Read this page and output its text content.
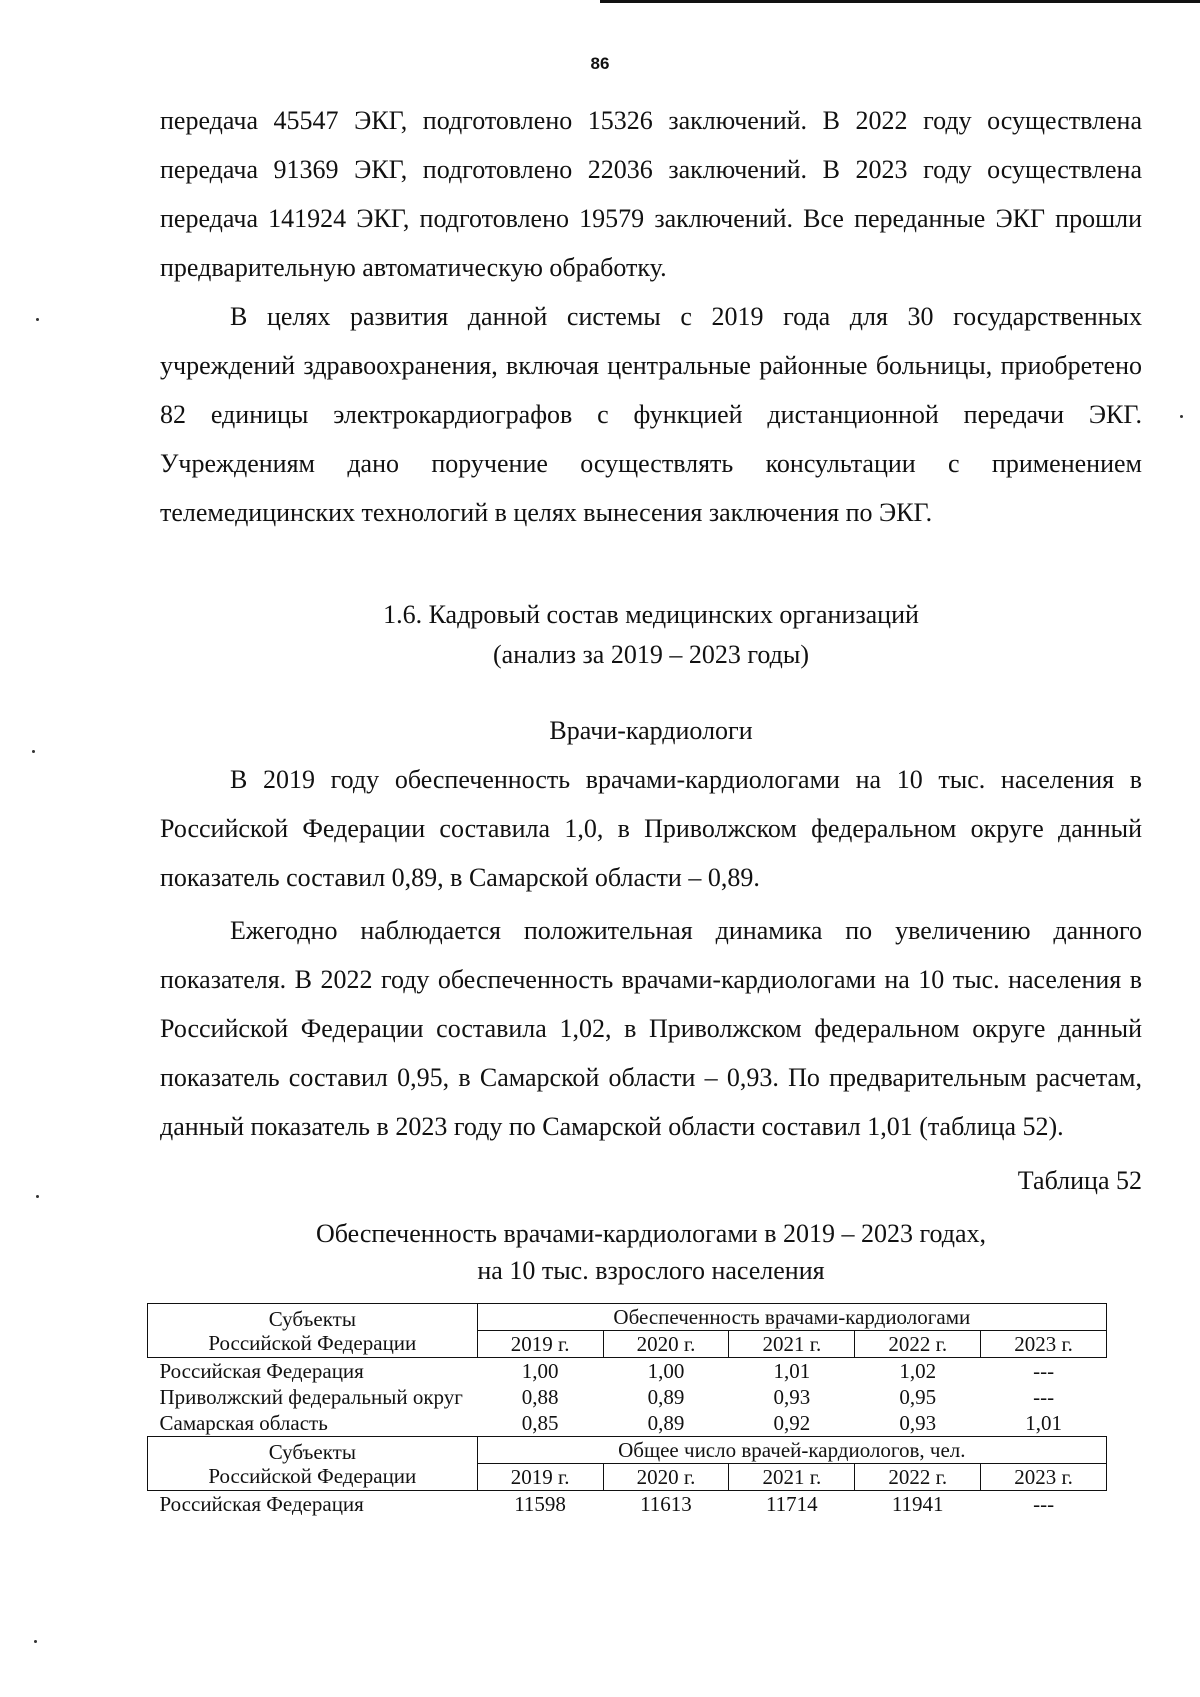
86

передача 45547 ЭКГ, подготовлено 15326 заключений. В 2022 году осуществлена передача 91369 ЭКГ, подготовлено 22036 заключений. В 2023 году осуществлена передача 141924 ЭКГ, подготовлено 19579 заключений. Все переданные ЭКГ прошли предварительную автоматическую обработку.

В целях развития данной системы с 2019 года для 30 государственных учреждений здравоохранения, включая центральные районные больницы, приобретено 82 единицы электрокардиографов с функцией дистанционной передачи ЭКГ. Учреждениям дано поручение осуществлять консультации с применением телемедицинских технологий в целях вынесения заключения по ЭКГ.

1.6. Кадровый состав медицинских организаций
(анализ за 2019 – 2023 годы)
Врачи-кардиологи

В 2019 году обеспеченность врачами-кардиологами на 10 тыс. населения в Российской Федерации составила 1,0, в Приволжском федеральном округе данный показатель составил 0,89, в Самарской области – 0,89.

Ежегодно наблюдается положительная динамика по увеличению данного показателя. В 2022 году обеспеченность врачами-кардиологами на 10 тыс. населения в Российской Федерации составила 1,02, в Приволжском федеральном округе данный показатель составил 0,95, в Самарской области – 0,93. По предварительным расчетам, данный показатель в 2023 году по Самарской области составил 1,01 (таблица 52).

Таблица 52
Обеспеченность врачами-кардиологами в 2019 – 2023 годах,
на 10 тыс. взрослого населения
Субъекты
Российской Федерации	Обеспеченность врачами-кардиологами				
	2019 г.	2020 г.	2021 г.	2022 г.	2023 г.
Российская Федерация	1,00	1,00	1,01	1,02	---
Приволжский федеральный округ	0,88	0,89	0,93	0,95	---
Самарская область	0,85	0,89	0,92	0,93	1,01

Субъекты
Российской Федерации	Общее число врачей-кардиологов, чел.				
	2019 г.	2020 г.	2021 г.	2022 г.	2023 г.
Российская Федерация	11598	11613	11714	11941	---
